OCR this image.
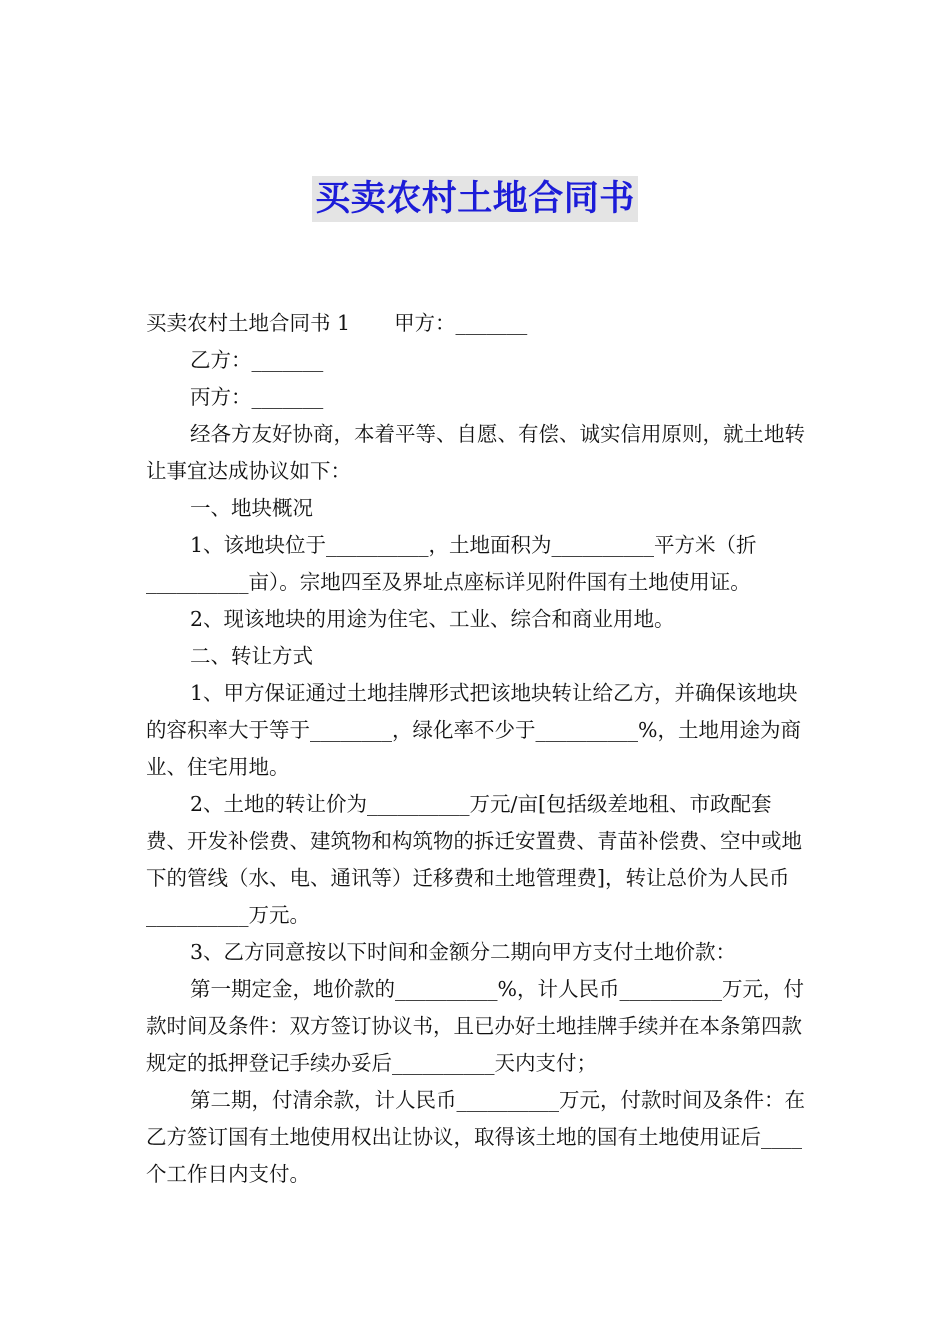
买卖农村土地合同书

买卖农村土地合同书 1 甲方：_______

乙方：_______

丙方：_______

经各方友好协商，本着平等、自愿、有偿、诚实信用原则，就土地转让事宜达成协议如下：

一、地块概况

1、该地块位于__________，土地面积为__________平方米（折__________亩）。宗地四至及界址点座标详见附件国有土地使用证。

2、现该地块的用途为住宅、工业、综合和商业用地。

二、转让方式

1、甲方保证通过土地挂牌形式把该地块转让给乙方，并确保该地块的容积率大于等于________，绿化率不少于__________%，土地用途为商业、住宅用地。

2、土地的转让价为__________万元/亩[包括级差地租、市政配套费、开发补偿费、建筑物和构筑物的拆迁安置费、青苗补偿费、空中或地下的管线（水、电、通讯等）迁移费和土地管理费]，转让总价为人民币__________万元。

3、乙方同意按以下时间和金额分二期向甲方支付土地价款：

第一期定金，地价款的__________%，计人民币__________万元，付款时间及条件：双方签订协议书，且已办好土地挂牌手续并在本条第四款规定的抵押登记手续办妥后__________天内支付；

第二期，付清余款，计人民币__________万元，付款时间及条件：在乙方签订国有土地使用权出让协议，取得该土地的国有土地使用证后____个工作日内支付。
